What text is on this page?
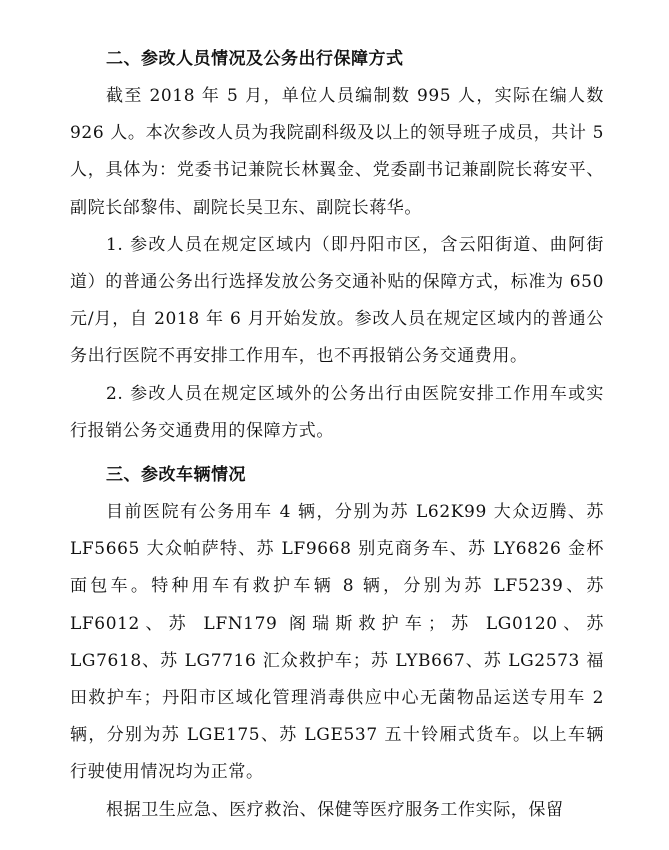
二、参改人员情况及公务出行保障方式

截至 2018 年 5 月，单位人员编制数 995 人，实际在编人数 926 人。本次参改人员为我院副科级及以上的领导班子成员，共计 5 人，具体为：党委书记兼院长林翼金、党委副书记兼副院长蒋安平、副院长邰黎伟、副院长吴卫东、副院长蒋华。

1. 参改人员在规定区域内（即丹阳市区，含云阳街道、曲阿街道）的普通公务出行选择发放公务交通补贴的保障方式，标准为 650 元/月，自 2018 年 6 月开始发放。参改人员在规定区域内的普通公务出行医院不再安排工作用车，也不再报销公务交通费用。

2. 参改人员在规定区域外的公务出行由医院安排工作用车或实行报销公务交通费用的保障方式。

三、参改车辆情况

目前医院有公务用车 4 辆，分别为苏 L62K99 大众迈腾、苏 LF5665 大众帕萨特、苏 LF9668 别克商务车、苏 LY6826 金杯面包车。特种用车有救护车辆 8 辆，分别为苏 LF5239、苏 LF6012、苏 LFN179 阁瑞斯救护车；苏 LG0120、苏 LG7618、苏 LG7716 汇众救护车；苏 LYB667、苏 LG2573 福田救护车；丹阳市区域化管理消毒供应中心无菌物品运送专用车 2 辆，分别为苏 LGE175、苏 LGE537 五十铃厢式货车。以上车辆行驶使用情况均为正常。

根据卫生应急、医疗救治、保健等医疗服务工作实际，保留
